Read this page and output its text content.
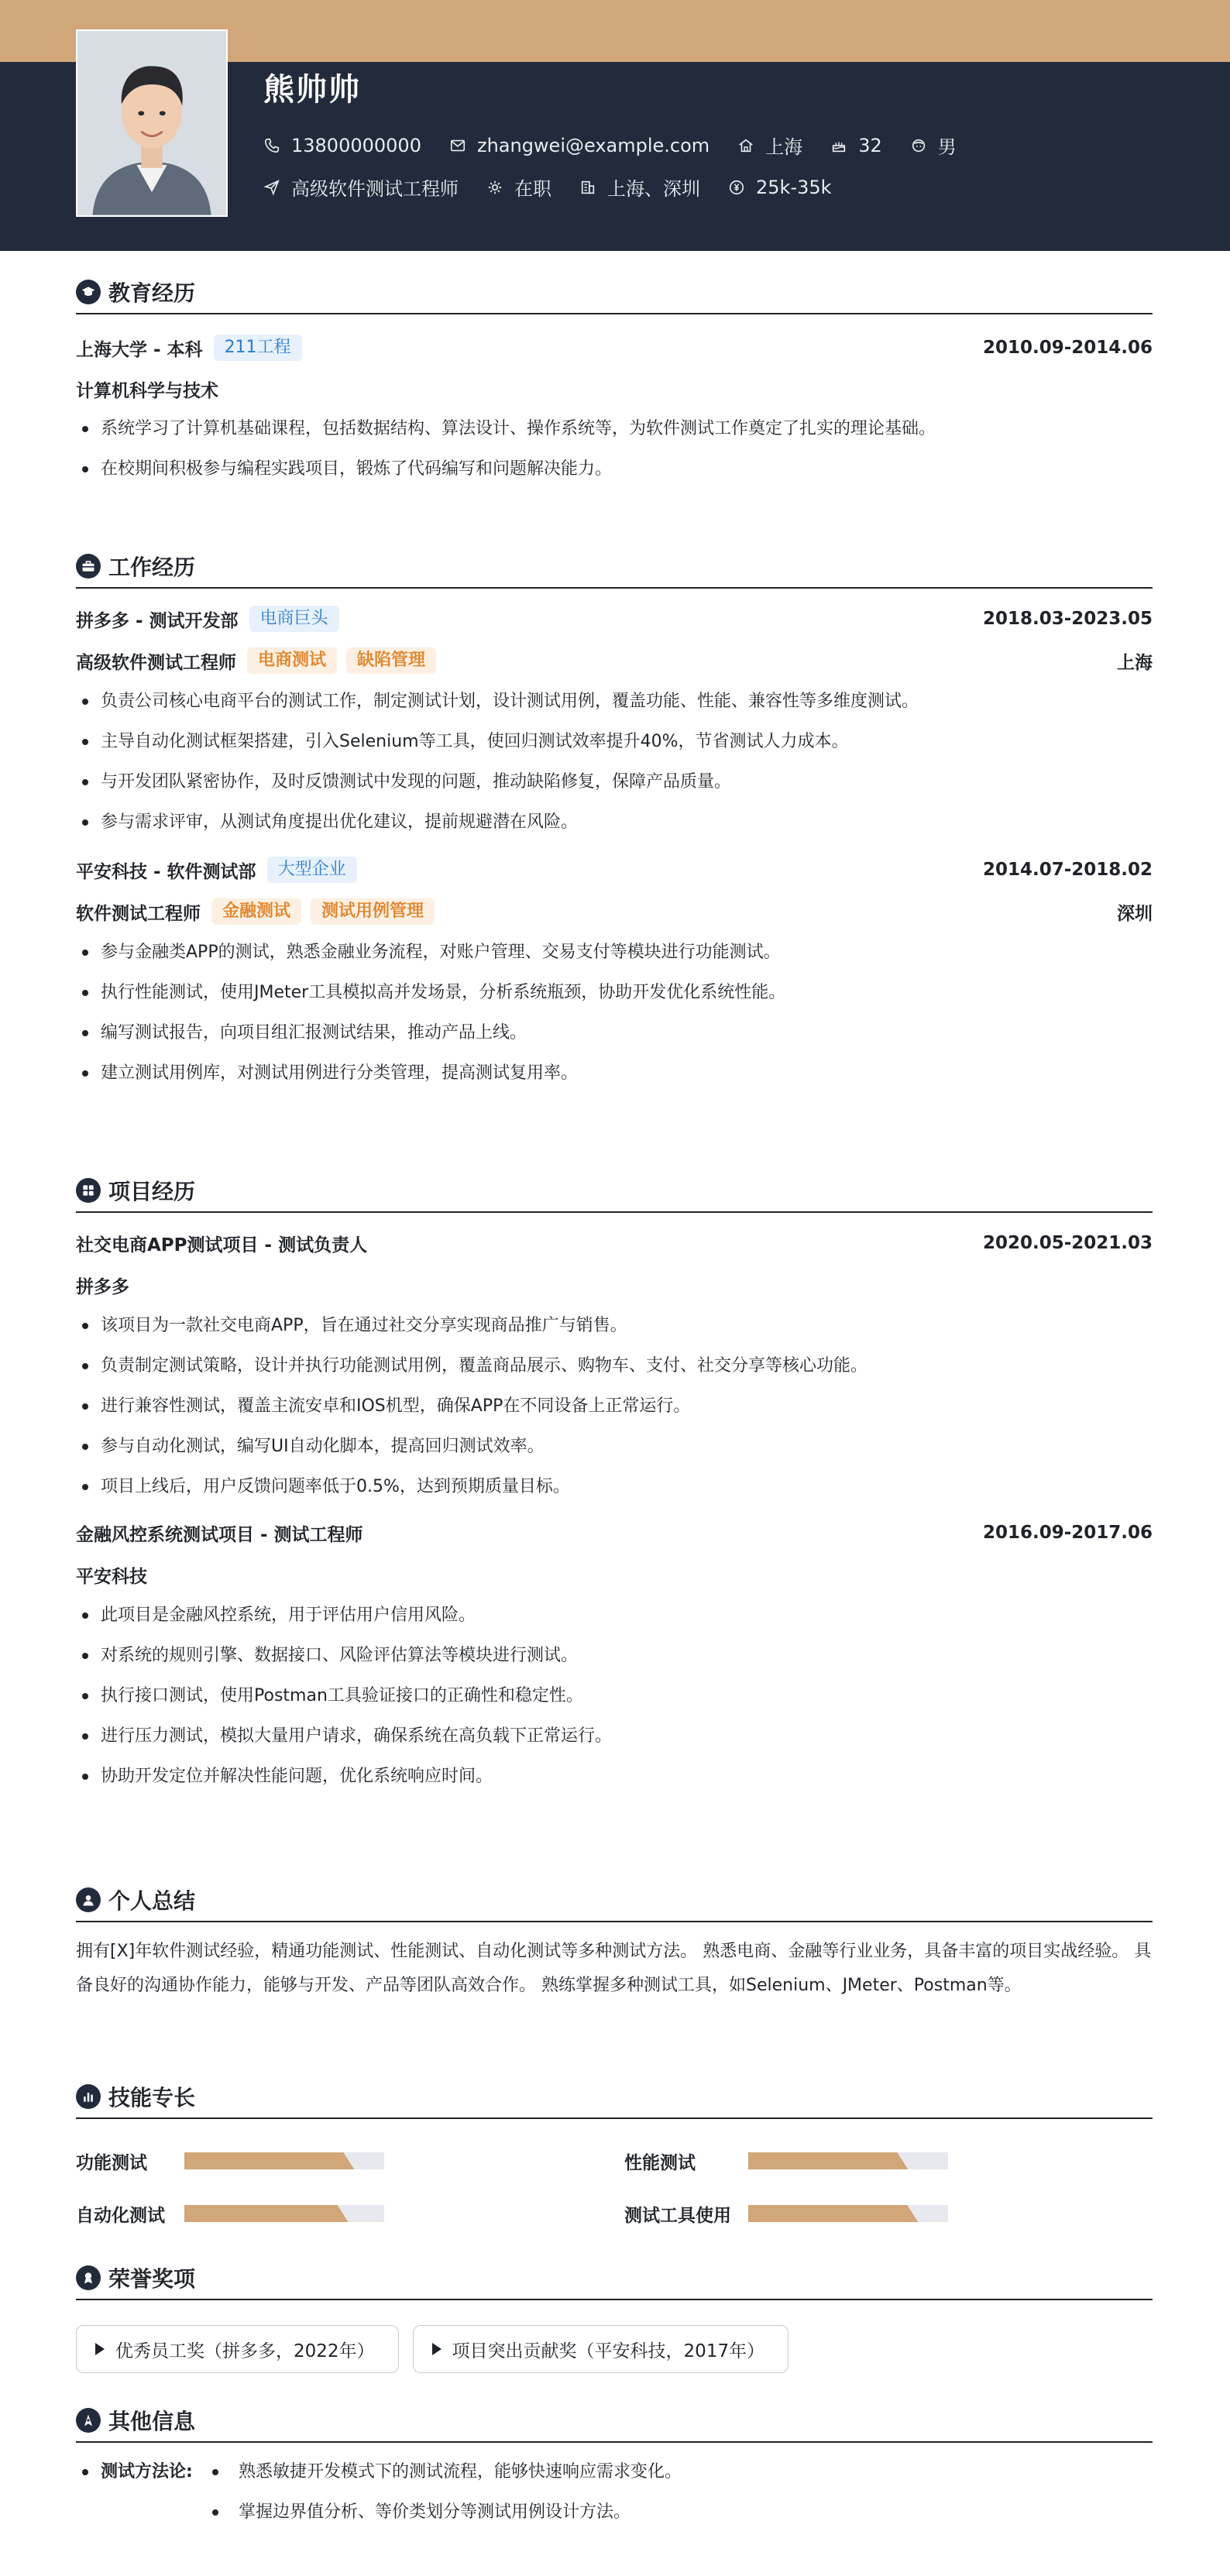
熊帅帅
13800000000	zhangwei@example.com	上海	32	男
高级软件测试工程师	在职	上海、深圳	25k-35k
教育经历
上海大学 - 本科	211工程	2010.09-2014.06
计算机科学与技术
系统学习了计算机基础课程，包括数据结构、算法设计、操作系统等，为软件测试工作奠定了扎实的理论基础。
在校期间积极参与编程实践项目，锻炼了代码编写和问题解决能力。
工作经历
拼多多 - 测试开发部	电商巨头	2018.03-2023.05
高级软件测试工程师	电商测试	缺陷管理	上海
负责公司核心电商平台的测试工作，制定测试计划，设计测试用例，覆盖功能、性能、兼容性等多维度测试。
主导自动化测试框架搭建，引入Selenium等工具，使回归测试效率提升40%，节省测试人力成本。
与开发团队紧密协作，及时反馈测试中发现的问题，推动缺陷修复，保障产品质量。
参与需求评审，从测试角度提出优化建议，提前规避潜在风险。
平安科技 - 软件测试部	大型企业	2014.07-2018.02
软件测试工程师	金融测试	测试用例管理	深圳
参与金融类APP的测试，熟悉金融业务流程，对账户管理、交易支付等模块进行功能测试。
执行性能测试，使用JMeter工具模拟高并发场景，分析系统瓶颈，协助开发优化系统性能。
编写测试报告，向项目组汇报测试结果，推动产品上线。
建立测试用例库，对测试用例进行分类管理，提高测试复用率。
项目经历
社交电商APP测试项目 - 测试负责人	2020.05-2021.03
拼多多
该项目为一款社交电商APP，旨在通过社交分享实现商品推广与销售。
负责制定测试策略，设计并执行功能测试用例，覆盖商品展示、购物车、支付、社交分享等核心功能。
进行兼容性测试，覆盖主流安卓和IOS机型，确保APP在不同设备上正常运行。
参与自动化测试，编写UI自动化脚本，提高回归测试效率。
项目上线后，用户反馈问题率低于0.5%，达到预期质量目标。
金融风控系统测试项目 - 测试工程师	2016.09-2017.06
平安科技
此项目是金融风控系统，用于评估用户信用风险。
对系统的规则引擎、数据接口、风险评估算法等模块进行测试。
执行接口测试，使用Postman工具验证接口的正确性和稳定性。
进行压力测试，模拟大量用户请求，确保系统在高负载下正常运行。
协助开发定位并解决性能问题，优化系统响应时间。
个人总结
拥有[X]年软件测试经验，精通功能测试、性能测试、自动化测试等多种测试方法。 熟悉电商、金融等行业业务，具备丰富的项目实战经验。 具备良好的沟通协作能力，能够与开发、产品等团队高效合作。 熟练掌握多种测试工具，如Selenium、JMeter、Postman等。
技能专长
功能测试	性能测试
自动化测试	测试工具使用
荣誉奖项
优秀员工奖（拼多多，2022年）	项目突出贡献奖（平安科技，2017年）
其他信息
测试方法论:	熟悉敏捷开发模式下的测试流程，能够快速响应需求变化。
掌握边界值分析、等价类划分等测试用例设计方法。
